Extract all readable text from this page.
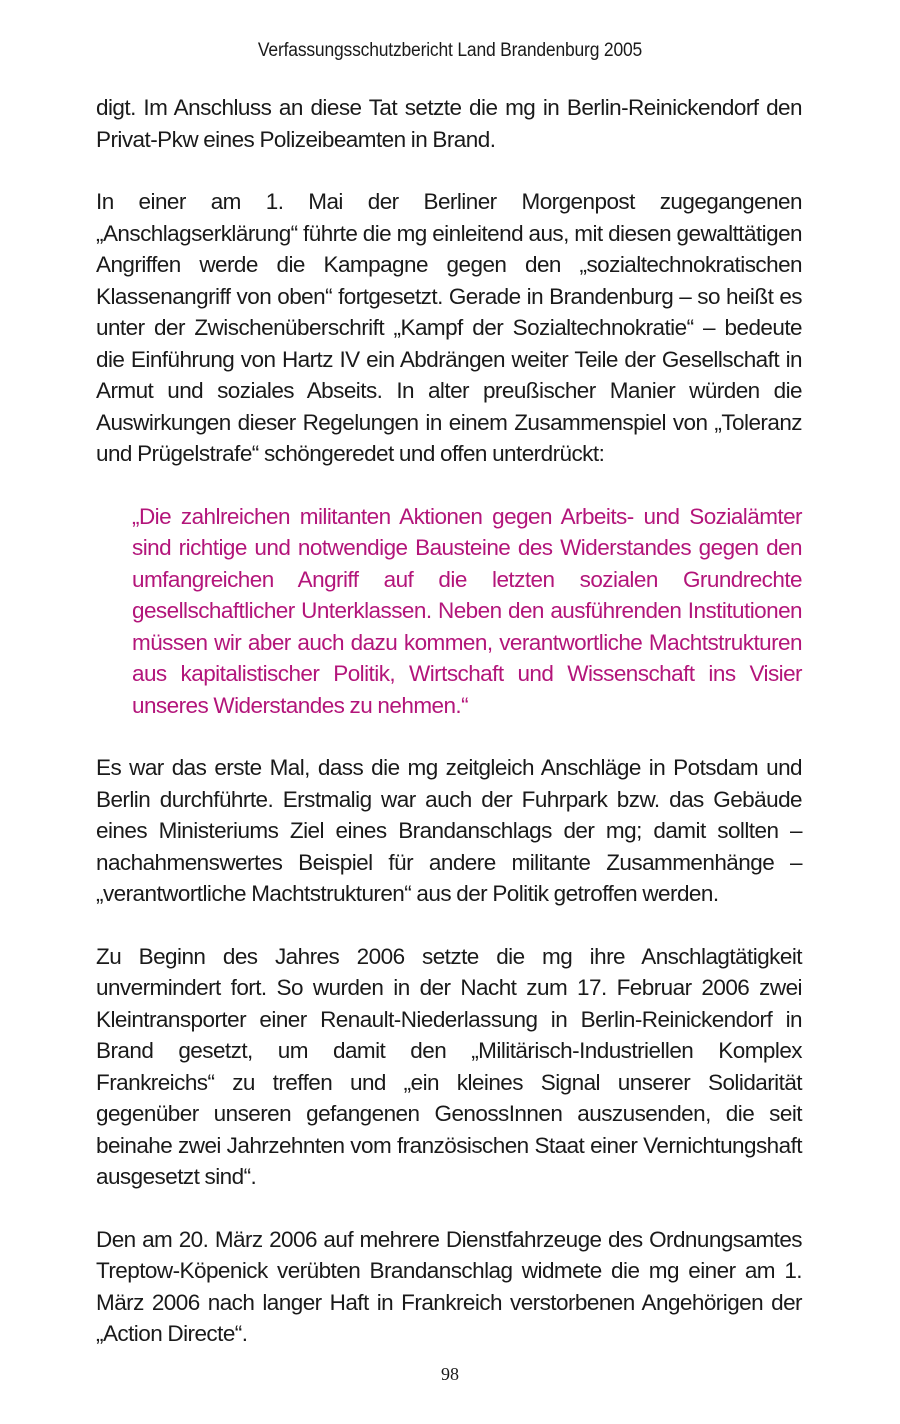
Verfassungsschutzbericht Land Brandenburg 2005

digt. Im Anschluss an diese Tat setzte die mg in Berlin-Reinickendorf den Privat-Pkw eines Polizeibeamten in Brand.

In einer am 1. Mai der Berliner Morgenpost zugegangenen „Anschlagserklärung“ führte die mg einleitend aus, mit diesen gewalttätigen Angriffen werde die Kampagne gegen den „sozialtechnokratischen Klassenangriff von oben“ fortgesetzt. Gerade in Brandenburg – so heißt es unter der Zwischenüberschrift „Kampf der Sozialtechnokratie“ – bedeute die Einführung von Hartz IV ein Abdrängen weiter Teile der Gesellschaft in Armut und soziales Abseits. In alter preußischer Manier würden die Auswirkungen dieser Regelungen in einem Zusammenspiel von „Toleranz und Prügelstrafe“ schöngeredet und offen unterdrückt:

„Die zahlreichen militanten Aktionen gegen Arbeits- und Sozialämter sind richtige und notwendige Bausteine des Widerstandes gegen den umfangreichen Angriff auf die letzten sozialen Grundrechte gesellschaftlicher Unterklassen. Neben den ausführenden Institutionen müssen wir aber auch dazu kommen, verantwortliche Machtstrukturen aus kapitalistischer Politik, Wirtschaft und Wissenschaft ins Visier unseres Widerstandes zu nehmen.“

Es war das erste Mal, dass die mg zeitgleich Anschläge in Potsdam und Berlin durchführte. Erstmalig war auch der Fuhrpark bzw. das Gebäude eines Ministeriums Ziel eines Brandanschlags der mg; damit sollten – nachahmenswertes Beispiel für andere militante Zusammenhänge – „verantwortliche Machtstrukturen“ aus der Politik getroffen werden.

Zu Beginn des Jahres 2006 setzte die mg ihre Anschlagtätigkeit unvermindert fort. So wurden in der Nacht zum 17. Februar 2006 zwei Kleintransporter einer Renault-Niederlassung in Berlin-Reinickendorf in Brand gesetzt, um damit den „Militärisch-Industriellen Komplex Frankreichs“ zu treffen und „ein kleines Signal unserer Solidarität gegenüber unseren gefangenen GenossInnen auszusenden, die seit beinahe zwei Jahrzehnten vom französischen Staat einer Vernichtungshaft ausgesetzt sind“.

Den am 20. März 2006 auf mehrere Dienstfahrzeuge des Ordnungsamtes Treptow-Köpenick verübten Brandanschlag widmete die mg einer am 1. März 2006 nach langer Haft in Frankreich verstorbenen Angehörigen der „Action Directe“.

98
